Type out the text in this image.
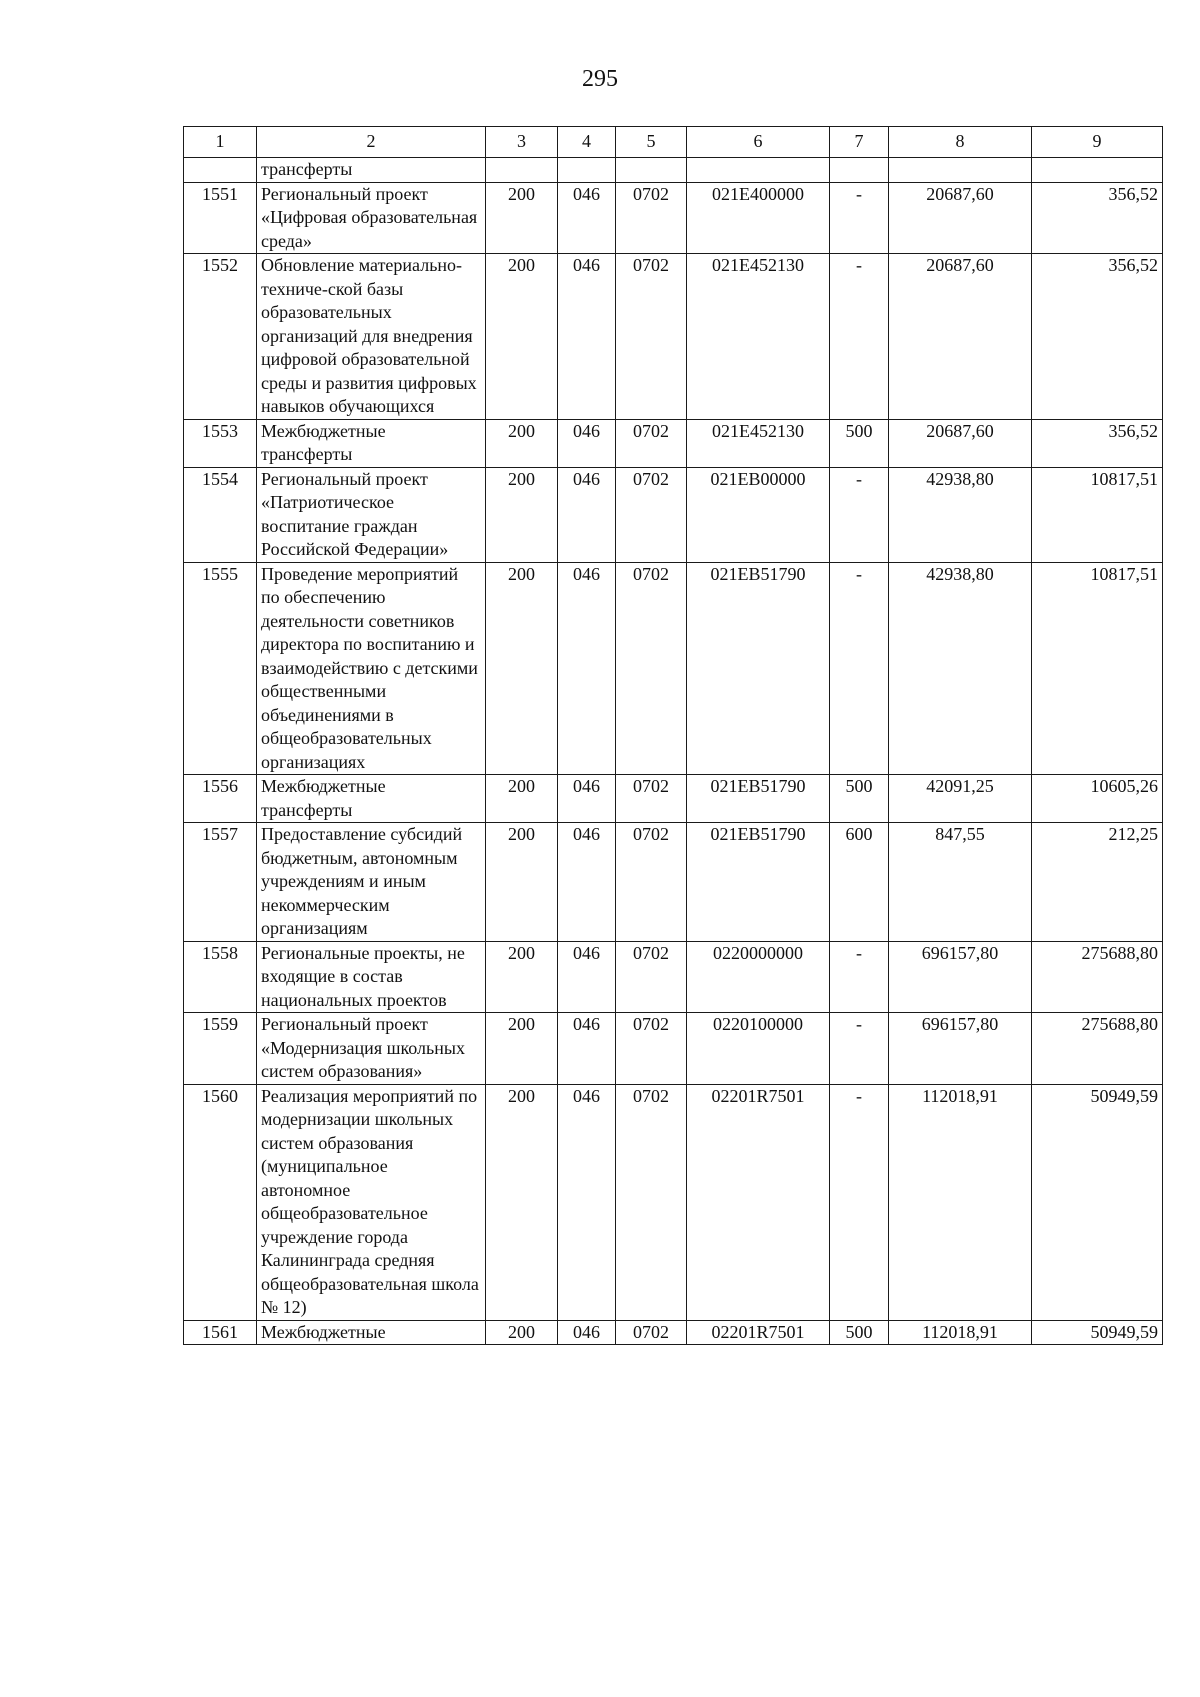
295
1	2	3	4	5	6	7	8	9
	трансферты							
1551	Региональный проект «Цифровая образовательная среда»	200	046	0702	021Е400000	-	20687,60	356,52
1552	Обновление материально-техниче-ской базы образовательных организаций для внедрения цифровой образовательной среды и развития цифровых навыков обучающихся	200	046	0702	021Е452130	-	20687,60	356,52
1553	Межбюджетные трансферты	200	046	0702	021Е452130	500	20687,60	356,52
1554	Региональный проект «Патриотическое воспитание граждан Российской Федерации»	200	046	0702	021ЕВ00000	-	42938,80	10817,51
1555	Проведение мероприятий по обеспечению деятельности советников директора по воспитанию и взаимодействию с детскими общественными объединениями в общеобразовательных организациях	200	046	0702	021ЕВ51790	-	42938,80	10817,51
1556	Межбюджетные трансферты	200	046	0702	021ЕВ51790	500	42091,25	10605,26
1557	Предоставление субсидий бюджетным, автономным учреждениям и иным некоммерческим организациям	200	046	0702	021ЕВ51790	600	847,55	212,25
1558	Региональные проекты, не входящие в состав национальных проектов	200	046	0702	0220000000	-	696157,80	275688,80
1559	Региональный проект «Модернизация школьных систем образования»	200	046	0702	0220100000	-	696157,80	275688,80
1560	Реализация мероприятий по модернизации школьных систем образования (муниципальное автономное общеобразовательное учреждение города Калининграда средняя общеобразовательная школа № 12)	200	046	0702	02201R7501	-	112018,91	50949,59
1561	Межбюджетные	200	046	0702	02201R7501	500	112018,91	50949,59
